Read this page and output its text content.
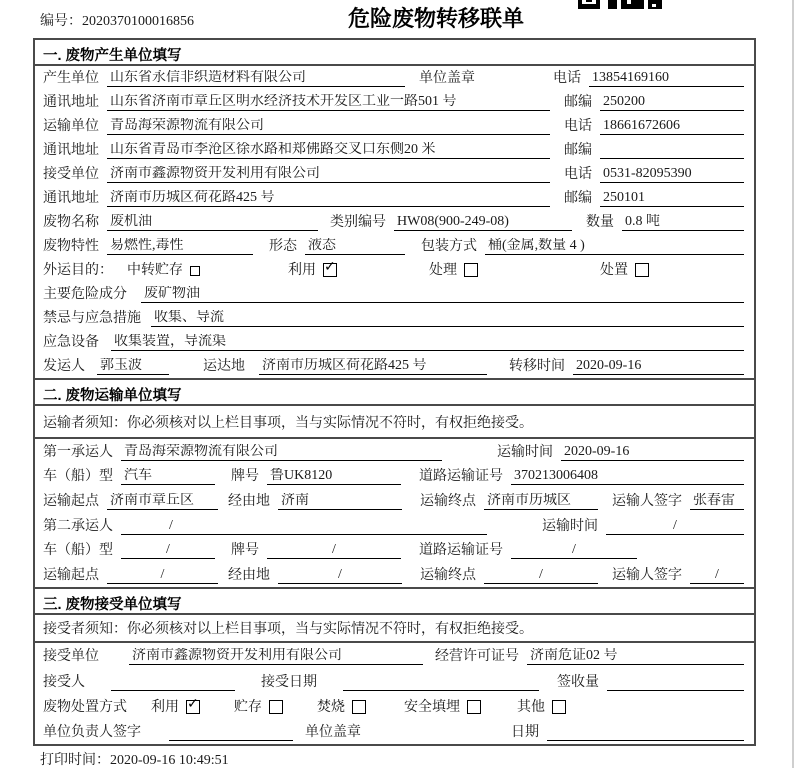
编号：2020370100016856	危险废物转移联单
一. 废物产生单位填写
产生单位 山东省永信非织造材料有限公司	单位盖章	电话 13854169160
通讯地址 山东省济南市章丘区明水经济技术开发区工业一路501 号	邮编 250200
运输单位 青岛海荣源物流有限公司	电话 18661672606
通讯地址 山东省青岛市李沧区徐水路和郑佛路交叉口东侧20 米	邮编
接受单位 济南市鑫源物资开发利用有限公司	电话 0531-82095390
通讯地址 济南市历城区荷花路425 号	邮编 250101
废物名称 废机油	类别编号 HW08(900-249-08)	数量 0.8 吨
废物特性 易燃性,毒性	形态 液态	包装方式 桶(金属,数量 4 )
外运目的： 中转贮存	利用 ✓	处理	处置
主要危险成分 废矿物油
禁忌与应急措施 收集、导流
应急设备 收集装置，导流渠
发运人 郭玉波	运达地 济南市历城区荷花路425 号	转移时间 2020-09-16
二. 废物运输单位填写
运输者须知：你必须核对以上栏目事项，当与实际情况不符时，有权拒绝接受。
第一承运人 青岛海荣源物流有限公司	运输时间 2020-09-16
车（船）型 汽车	牌号 鲁UK8120	道路运输证号 370213006408
运输起点 济南市章丘区	经由地 济南	运输终点 济南市历城区	运输人签字 张春雷
第二承运人	/	运输时间	/
车（船）型	/	牌号	/	道路运输证号	/
运输起点	/	经由地	/	运输终点	/	运输人签字	/
三. 废物接受单位填写
接受者须知：你必须核对以上栏目事项，当与实际情况不符时，有权拒绝接受。
接受单位 济南市鑫源物资开发利用有限公司	经营许可证号 济南危证02 号
接受人	接受日期	签收量
废物处置方式 利用 ✓	贮存	焚烧	安全填埋	其他
单位负责人签字	单位盖章	日期
打印时间：2020-09-16 10:49:51
